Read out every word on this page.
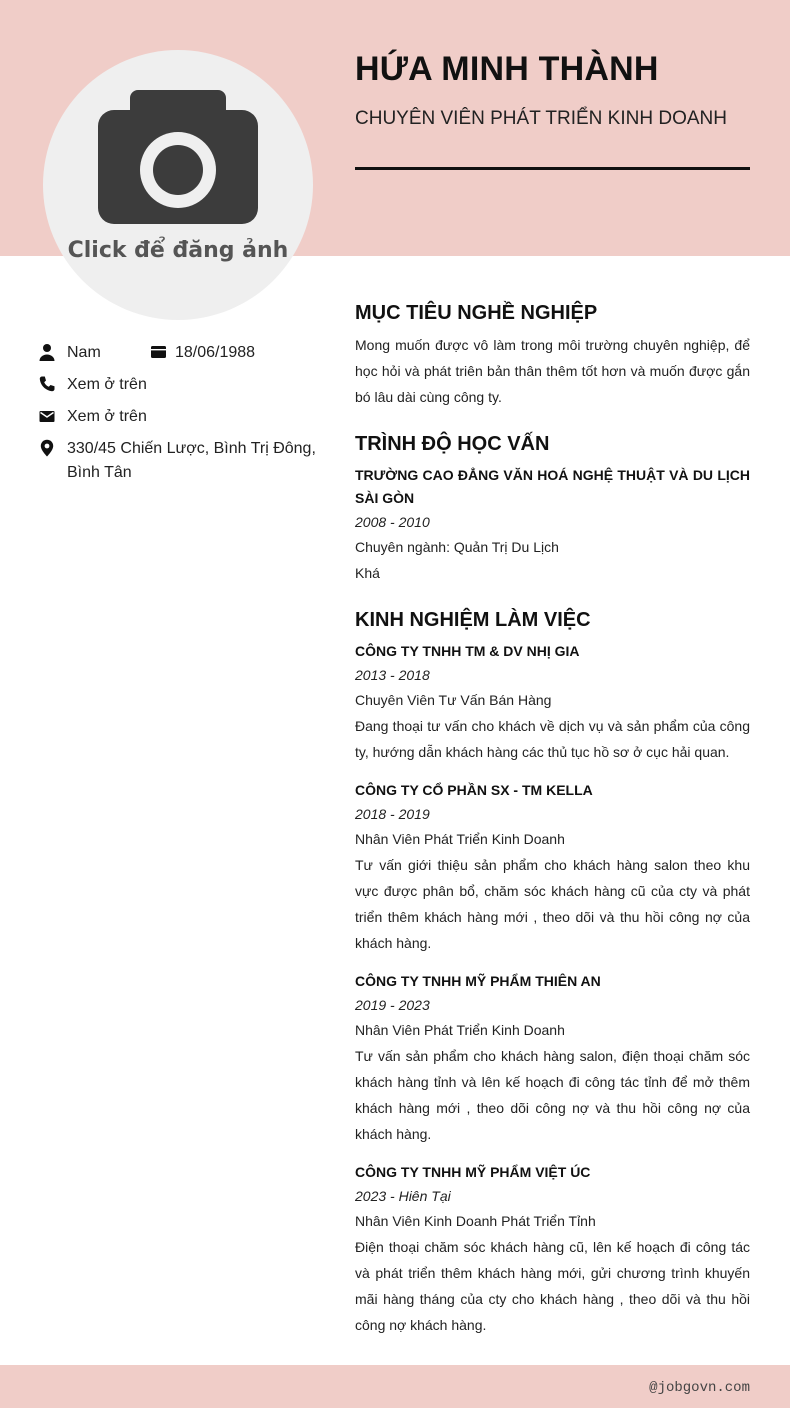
Click để đăng ảnh
HỨA MINH THÀNH
CHUYÊN VIÊN PHÁT TRIỂN KINH DOANH
Nam	18/06/1988
Xem ở trên
Xem ở trên
330/45 Chiến Lược, Bình Trị Đông,
Bình Tân
MỤC TIÊU NGHỀ NGHIỆP
Mong muốn được vô làm trong môi trường chuyên nghiệp, để học hỏi và phát triên bản thân thêm tốt hơn và muốn được gắn bó lâu dài cùng công ty.
TRÌNH ĐỘ HỌC VẤN
TRƯỜNG CAO ĐẲNG VĂN HOÁ NGHỆ THUẬT VÀ DU LỊCH SÀI GÒN
2008 - 2010
Chuyên ngành: Quản Trị Du Lịch
Khá
KINH NGHIỆM LÀM VIỆC
CÔNG TY TNHH TM & DV NHỊ GIA
2013 - 2018
Chuyên Viên Tư Vấn Bán Hàng
Đang thoại tư vấn cho khách về dịch vụ và sản phẩm của công ty, hướng dẫn khách hàng các thủ tục hồ sơ ở cục hải quan.
CÔNG TY CỔ PHẦN SX - TM KELLA
2018 - 2019
Nhân Viên Phát Triển Kinh Doanh
Tư vấn giới thiệu sản phẩm cho khách hàng salon theo khu vực được phân bổ, chăm sóc khách hàng cũ của cty và phát triển thêm khách hàng mới , theo dõi và thu hồi công nợ của khách hàng.
CÔNG TY TNHH MỸ PHẨM THIÊN AN
2019 - 2023
Nhân Viên Phát Triển Kinh Doanh
Tư vấn sản phẩm cho khách hàng salon, điện thoại chăm sóc khách hàng tỉnh và lên kế hoạch đi công tác tỉnh để mở thêm khách hàng mới , theo dõi công nợ và thu hồi công nợ của khách hàng.
CÔNG TY TNHH MỸ PHẨM VIỆT ÚC
2023 - Hiên Tại
Nhân Viên Kinh Doanh Phát Triển Tỉnh
Điện thoại chăm sóc khách hàng cũ, lên kế hoạch đi công tác và phát triển thêm khách hàng mới, gửi chương trình khuyến mãi hàng tháng của cty cho khách hàng , theo dõi và thu hồi công nợ khách hàng.
@jobgovn.com
